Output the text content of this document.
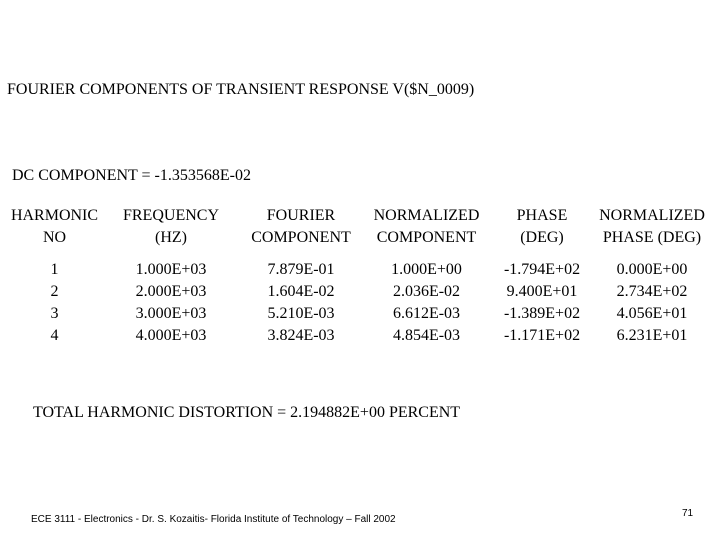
FOURIER COMPONENTS OF TRANSIENT RESPONSE V($N_0009)
DC COMPONENT = -1.353568E-02
HARMONIC	FREQUENCY	FOURIER	NORMALIZED	PHASE	NORMALIZED
NO	(HZ)	COMPONENT	COMPONENT	(DEG)	PHASE (DEG)

1	1.000E+03	7.879E-01	1.000E+00	-1.794E+02	0.000E+00
2	2.000E+03	1.604E-02	2.036E-02	9.400E+01	2.734E+02
3	3.000E+03	5.210E-03	6.612E-03	-1.389E+02	4.056E+01
4	4.000E+03	3.824E-03	4.854E-03	-1.171E+02	6.231E+01
TOTAL HARMONIC DISTORTION = 2.194882E+00 PERCENT
ECE 3111 - Electronics - Dr. S. Kozaitis- Florida Institute of Technology – Fall 2002
71
